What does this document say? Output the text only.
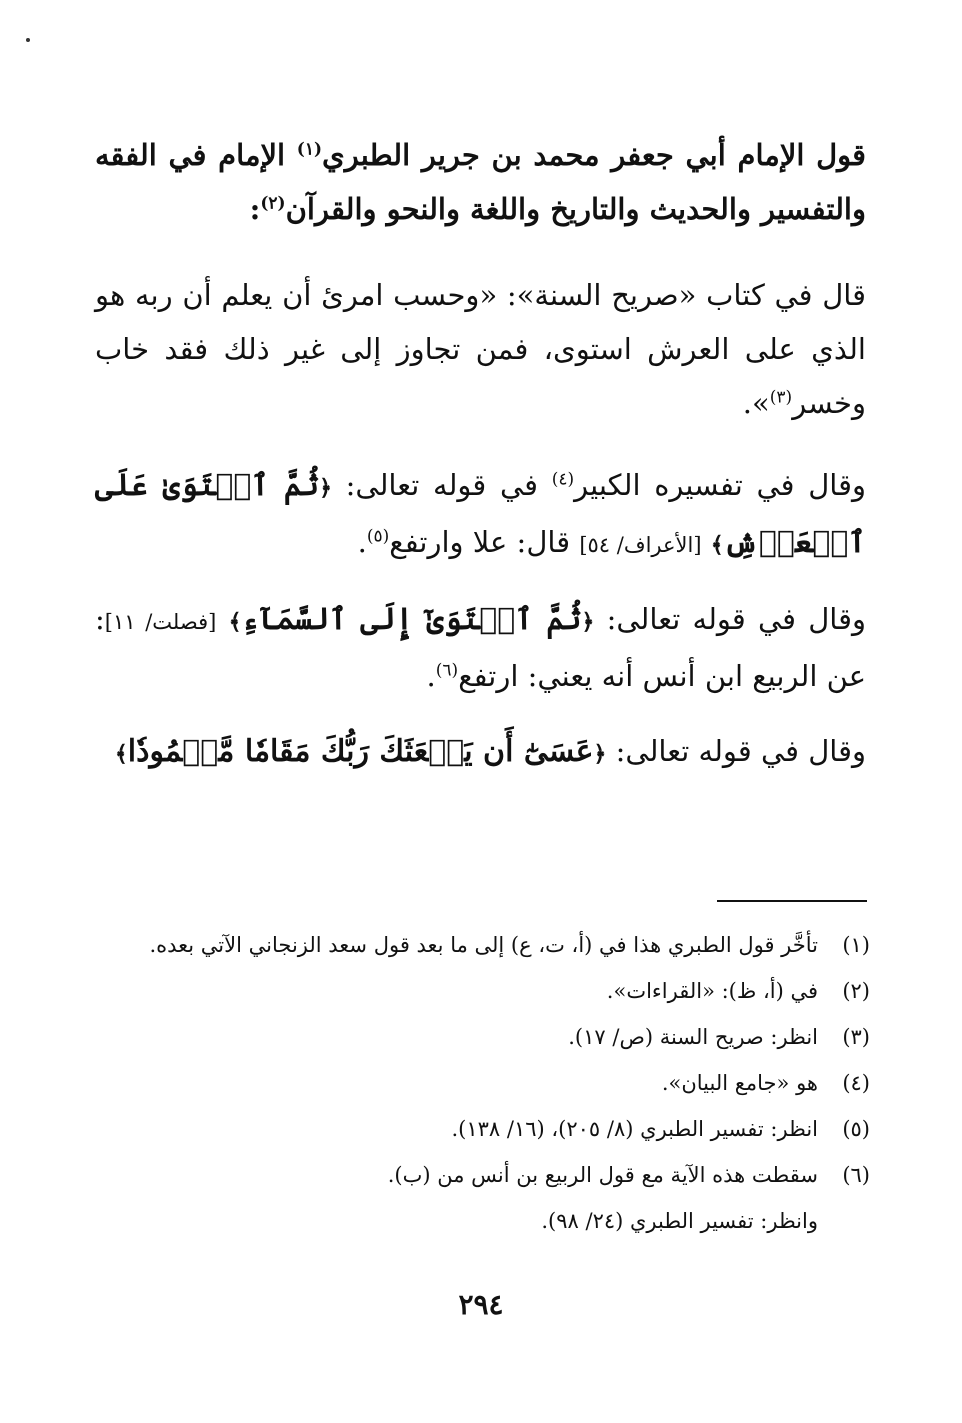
قول الإمام أبي جعفر محمد بن جرير الطبري$^{(١)}$ الإمام في الفقه والتفسير والحديث والتاريخ واللغة والنحو والقرآن$^{(٢)}$:
قال في كتاب «صريح السنة»: «وحسب امرئ أن يعلم أن ربه هو الذي على العرش استوى، فمن تجاوز إلى غير ذلك فقد خاب وخسر$^{(٣)}$».
وقال في تفسيره الكبير$^{(٤)}$ في قوله تعالى: ﴿ثُمَّ ٱسۡتَوَىٰ عَلَى ٱلۡعَرۡشِ﴾ [الأعراف/ ٥٤] قال: علا وارتفع$^{(٥)}$.
وقال في قوله تعالى: ﴿ثُمَّ ٱسۡتَوَىٰٓ إِلَى ٱلسَّمَآءِ﴾ [فصلت/ ١١]: عن الربيع ابن أنس أنه يعني: ارتفع$^{(٦)}$.
وقال في قوله تعالى: ﴿عَسَىٰٓ أَن يَبۡعَثَكَ رَبُّكَ مَقَامٗا مَّحۡمُودٗا﴾
(١)
تأخَّر قول الطبري هذا في (أ، ت، ع) إلى ما بعد قول سعد الزنجاني الآتي بعده.
(٢)
في (أ، ظ): «القراءات».
(٣)
انظر: صريح السنة (ص/ ١٧).
(٤)
هو «جامع البيان».
(٥)
انظر: تفسير الطبري (٨/ ٢٠٥)، (١٦/ ١٣٨).
(٦)
سقطت هذه الآية مع قول الربيع بن أنس من (ب).
وانظر: تفسير الطبري (٢٤/ ٩٨).
٢٩٤
